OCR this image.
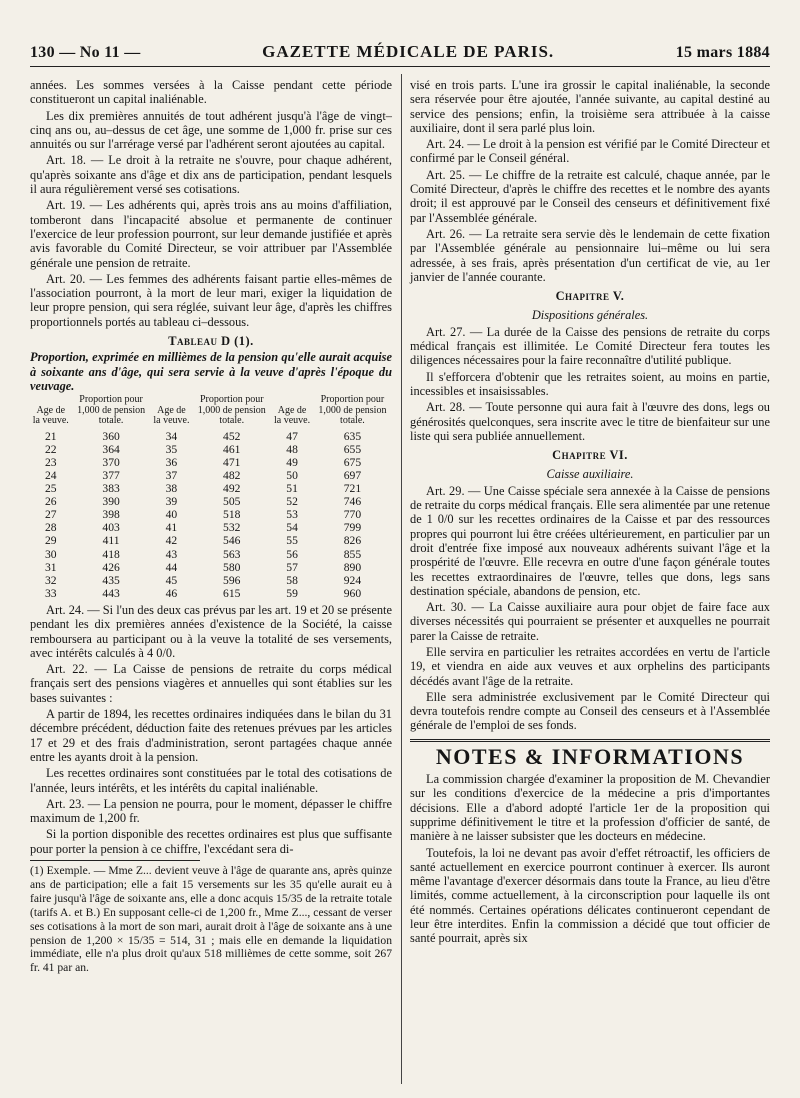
130 — No 11 —	GAZETTE MÉDICALE DE PARIS.	15 mars 1884

années. Les sommes versées à la Caisse pendant cette période constitueront un capital inaliénable.

Les dix premières annuités de tout adhérent jusqu'à l'âge de vingt–cinq ans ou, au–dessus de cet âge, une somme de 1,000 fr. prise sur ces annuités ou sur l'arrérage versé par l'adhérent seront ajoutées au capital.

Art. 18. — Le droit à la retraite ne s'ouvre, pour chaque adhérent, qu'après soixante ans d'âge et dix ans de participation, pendant lesquels il aura régulièrement versé ses cotisations.

Art. 19. — Les adhérents qui, après trois ans au moins d'affiliation, tomberont dans l'incapacité absolue et permanente de continuer l'exercice de leur profession pourront, sur leur demande justifiée et après avis favorable du Comité Directeur, se voir attribuer par l'Assemblée générale une pension de retraite.

Art. 20. — Les femmes des adhérents faisant partie elles-mêmes de l'association pourront, à la mort de leur mari, exiger la liquidation de leur propre pension, qui sera réglée, suivant leur âge, d'après les chiffres proportionnels portés au tableau ci–dessous.

Tableau D (1).
Proportion, exprimée en millièmes de la pension qu'elle aurait acquise à soixante ans d'âge, qui sera servie à la veuve d'après l'époque du veuvage.
Age de la veuve.	Proportion pour 1,000 de pension totale.	Age de la veuve.	Proportion pour 1,000 de pension totale.	Age de la veuve.	Proportion pour 1,000 de pension totale.
21	360	34	452	47	635
22	364	35	461	48	655
23	370	36	471	49	675
24	377	37	482	50	697
25	383	38	492	51	721
26	390	39	505	52	746
27	398	40	518	53	770
28	403	41	532	54	799
29	411	42	546	55	826
30	418	43	563	56	855
31	426	44	580	57	890
32	435	45	596	58	924
33	443	46	615	59	960

Art. 24. — Si l'un des deux cas prévus par les art. 19 et 20 se présente pendant les dix premières années d'existence de la Société, la caisse remboursera au participant ou à la veuve la totalité de ses versements, avec intérêts calculés à 4 0/0.

Art. 22. — La Caisse de pensions de retraite du corps médical français sert des pensions viagères et annuelles qui sont établies sur les bases suivantes :

A partir de 1894, les recettes ordinaires indiquées dans le bilan du 31 décembre précédent, déduction faite des retenues prévues par les articles 17 et 29 et des frais d'administration, seront partagées chaque année entre les ayants droit à la pension.

Les recettes ordinaires sont constituées par le total des cotisations de l'année, leurs intérêts, et les intérêts du capital inaliénable.

Art. 23. — La pension ne pourra, pour le moment, dépasser le chiffre maximum de 1,200 fr.

Si la portion disponible des recettes ordinaires est plus que suffisante pour porter la pension à ce chiffre, l'excédant sera di-

(1) Exemple. — Mme Z... devient veuve à l'âge de quarante ans, après quinze ans de participation; elle a fait 15 versements sur les 35 qu'elle aurait eu à faire jusqu'à l'âge de soixante ans, elle a donc acquis 15/35 de la retraite totale (tarifs A. et B.) En supposant celle-ci de 1,200 fr., Mme Z..., cessant de verser ses cotisations à la mort de son mari, aurait droit à l'âge de soixante ans à une pension de 1,200 × 15/35 = 514, 31 ; mais elle en demande la liquidation immédiate, elle n'a plus droit qu'aux 518 millièmes de cette somme, soit 267 fr. 41 par an.

visé en trois parts. L'une ira grossir le capital inaliénable, la seconde sera réservée pour être ajoutée, l'année suivante, au capital destiné au service des pensions; enfin, la troisième sera attribuée à la caisse auxiliaire, dont il sera parlé plus loin.

Art. 24. — Le droit à la pension est vérifié par le Comité Directeur et confirmé par le Conseil général.

Art. 25. — Le chiffre de la retraite est calculé, chaque année, par le Comité Directeur, d'après le chiffre des recettes et le nombre des ayants droit; il est approuvé par le Conseil des censeurs et définitivement fixé par l'Assemblée générale.

Art. 26. — La retraite sera servie dès le lendemain de cette fixation par l'Assemblée générale au pensionnaire lui–même ou lui sera adressée, à ses frais, après présentation d'un certificat de vie, au 1er janvier de l'année courante.

Chapitre V.
Dispositions générales.

Art. 27. — La durée de la Caisse des pensions de retraite du corps médical français est illimitée. Le Comité Directeur fera toutes les diligences nécessaires pour la faire reconnaître d'utilité publique.

Il s'efforcera d'obtenir que les retraites soient, au moins en partie, incessibles et insaisissables.

Art. 28. — Toute personne qui aura fait à l'œuvre des dons, legs ou générosités quelconques, sera inscrite avec le titre de bienfaiteur sur une liste qui sera publiée annuellement.

Chapitre VI.
Caisse auxiliaire.

Art. 29. — Une Caisse spéciale sera annexée à la Caisse de pensions de retraite du corps médical français. Elle sera alimentée par une retenue de 1 0/0 sur les recettes ordinaires de la Caisse et par des ressources propres qui pourront lui être créées ultérieurement, en particulier par un droit d'entrée fixe imposé aux nouveaux adhérents suivant l'âge et la prospérité de l'œuvre. Elle recevra en outre d'une façon générale toutes les recettes extraordinaires de l'œuvre, telles que dons, legs sans destination spéciale, abandons de pension, etc.

Art. 30. — La Caisse auxiliaire aura pour objet de faire face aux diverses nécessités qui pourraient se présenter et auxquelles ne pourrait parer la Caisse de retraite.

Elle servira en particulier les retraites accordées en vertu de l'article 19, et viendra en aide aux veuves et aux orphelins des participants décédés avant l'âge de la retraite.

Elle sera administrée exclusivement par le Comité Directeur qui devra toutefois rendre compte au Conseil des censeurs et à l'Assemblée générale de l'emploi de ses fonds.

NOTES & INFORMATIONS

La commission chargée d'examiner la proposition de M. Chevandier sur les conditions d'exercice de la médecine a pris d'importantes décisions. Elle a d'abord adopté l'article 1er de la proposition qui supprime définitivement le titre et la profession d'officier de santé, de manière à ne laisser subsister que les docteurs en médecine.

Toutefois, la loi ne devant pas avoir d'effet rétroactif, les officiers de santé actuellement en exercice pourront continuer à exercer. Ils auront même l'avantage d'exercer désormais dans toute la France, au lieu d'être limités, comme actuellement, à la circonscription pour laquelle ils ont été nommés. Certaines opérations délicates continueront cependant de leur être interdites. Enfin la commission a décidé que tout officier de santé pourrait, après six
